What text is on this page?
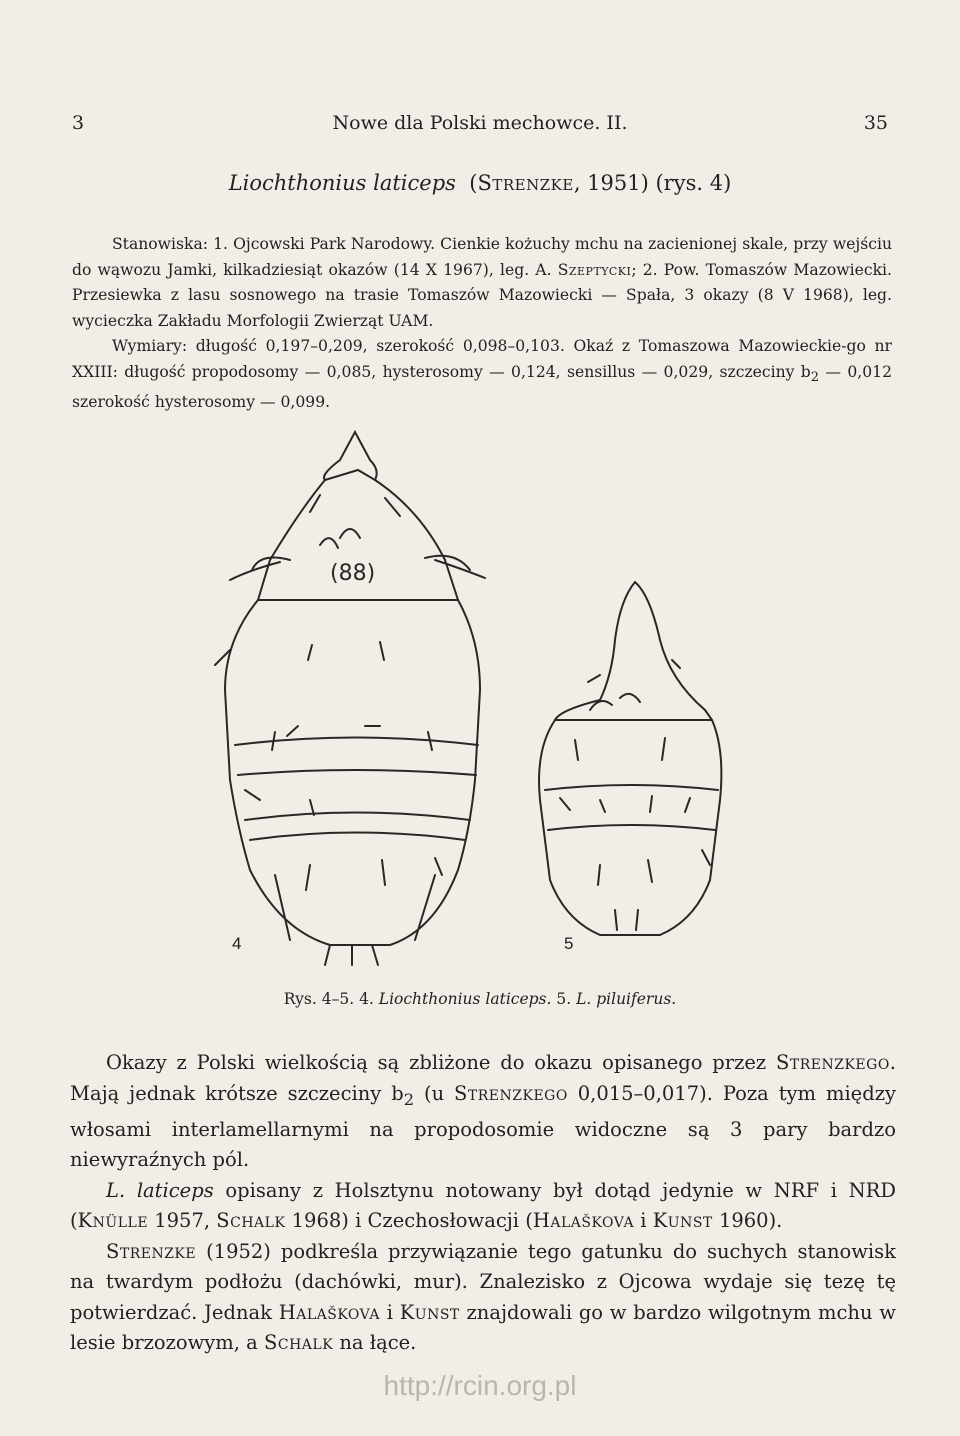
3	Nowe dla Polski mechowce. II.	35
Liochthonius laticeps  (Strenzke, 1951) (rys. 4)

Stanowiska: 1. Ojcowski Park Narodowy. Cienkie kożuchy mchu na zacienionej skale, przy wejściu do wąwozu Jamki, kilkadziesiąt okazów (14 X 1967), leg. A. Szeptycki; 2. Pow. Tomaszów Mazowiecki. Przesiewka z lasu sosnowego na trasie Tomaszów Mazowiecki — Spała, 3 okazy (8 V 1968), leg. wycieczka Zakładu Morfologii Zwierząt UAM.

Wymiary: długość 0,197–0,209, szerokość 0,098–0,103. Okaź z Tomaszowa Mazowieckie-go nr XXIII: długość propodosomy — 0,085, hysterosomy — 0,124, sensillus — 0,029, szczeciny $b_2$ — 0,012 szerokość hysterosomy — 0,099.

(88)
4	5
Rys. 4–5. 4. Liochthonius laticeps. 5. L. piluiferus.

Okazy z Polski wielkością są zbliżone do okazu opisanego przez Strenzkego. Mają jednak krótsze szczeciny $b_2$ (u Strenzkego 0,015–0,017). Poza tym między włosami interlamellarnymi na propodosomie widoczne są 3 pary bardzo niewyraźnych pól.

L. laticeps opisany z Holsztynu notowany był dotąd jedynie w NRF i NRD (Knülle 1957, Schalk 1968) i Czechosłowacji (Halaškova i Kunst 1960).

Strenzke (1952) podkreśla przywiązanie tego gatunku do suchych stanowisk na twardym podłożu (dachówki, mur). Znalezisko z Ojcowa wydaje się tezę tę potwierdzać. Jednak Halaškova i Kunst znajdowali go w bardzo wilgotnym mchu w lesie brzozowym, a Schalk na łące.

http://rcin.org.pl
